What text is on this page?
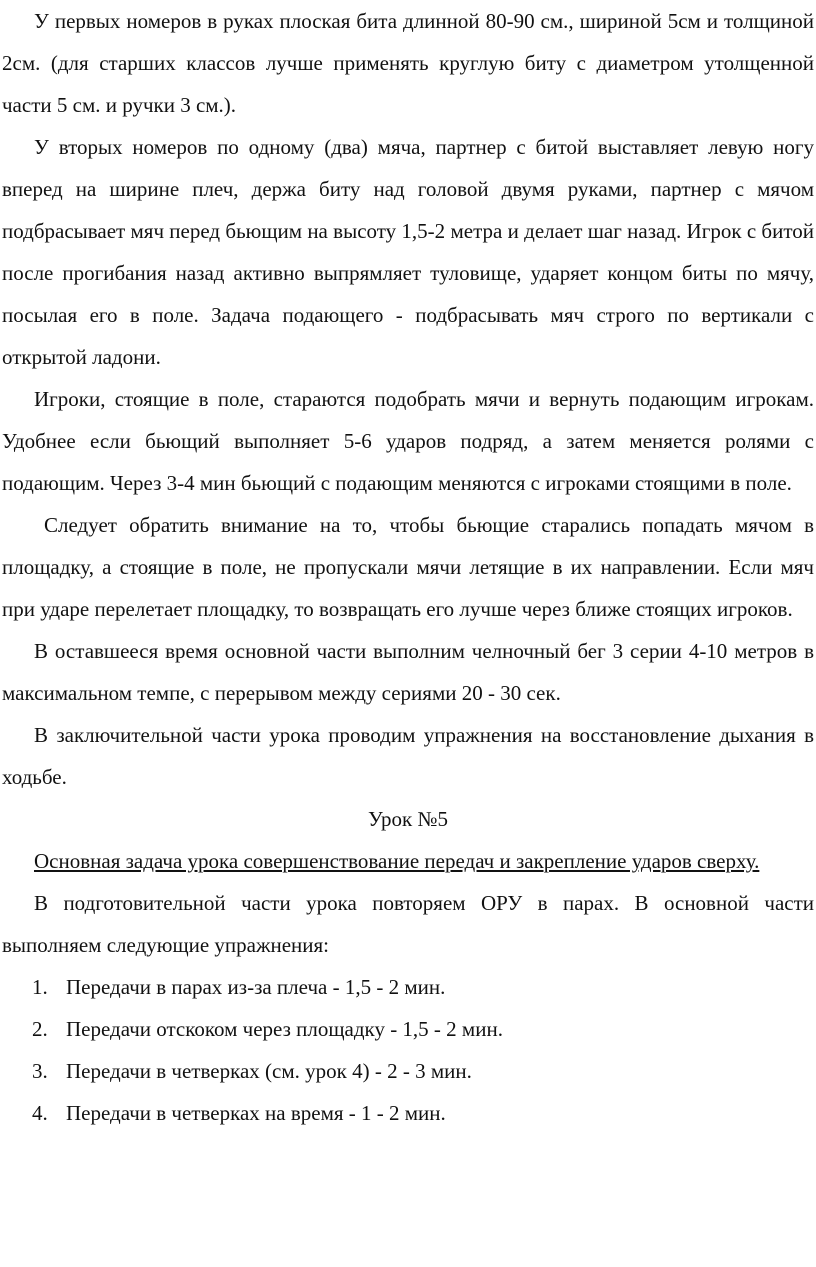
У первых номеров в руках плоская бита длинной 80-90 см., шириной 5см и толщиной 2см. (для старших классов лучше применять круглую биту с диаметром утолщенной части 5 см. и ручки 3 см.).

У вторых номеров по одному (два) мяча, партнер с битой выставляет левую ногу вперед на ширине плеч, держа биту над головой двумя руками, партнер с мячом подбрасывает мяч перед бьющим на высоту 1,5-2 метра и делает шаг назад. Игрок с битой после прогибания назад активно выпрямляет туловище, ударяет концом биты по мячу, посылая его в поле. Задача подающего - подбрасывать мяч строго по вертикали с открытой ладони.

Игроки, стоящие в поле, стараются подобрать мячи и вернуть подающим игрокам. Удобнее если бьющий выполняет 5-6 ударов подряд, а затем меняется ролями с подающим. Через 3-4 мин бьющий с подающим меняются с игроками стоящими в поле.

Следует обратить внимание на то, чтобы бьющие старались попадать мячом в площадку, а стоящие в поле, не пропускали мячи летящие в их направлении. Если мяч при ударе перелетает площадку, то возвращать его лучше через ближе стоящих игроков.

В оставшееся время основной части выполним челночный бег 3 серии 4-10 метров в максимальном темпе, с перерывом между сериями 20 - 30 сек.

В заключительной части урока проводим упражнения на восстановление дыхания в ходьбе.

Урок №5

Основная задача урока совершенствование передач и закрепление ударов сверху.

В подготовительной части урока повторяем ОРУ в парах. В основной части выполняем следующие упражнения:

1. Передачи в парах из-за плеча - 1,5 - 2 мин.
2. Передачи отскоком через площадку - 1,5 - 2 мин.
3. Передачи в четверках (см. урок 4) - 2 - 3 мин.
4. Передачи в четверках на время - 1 - 2 мин.
